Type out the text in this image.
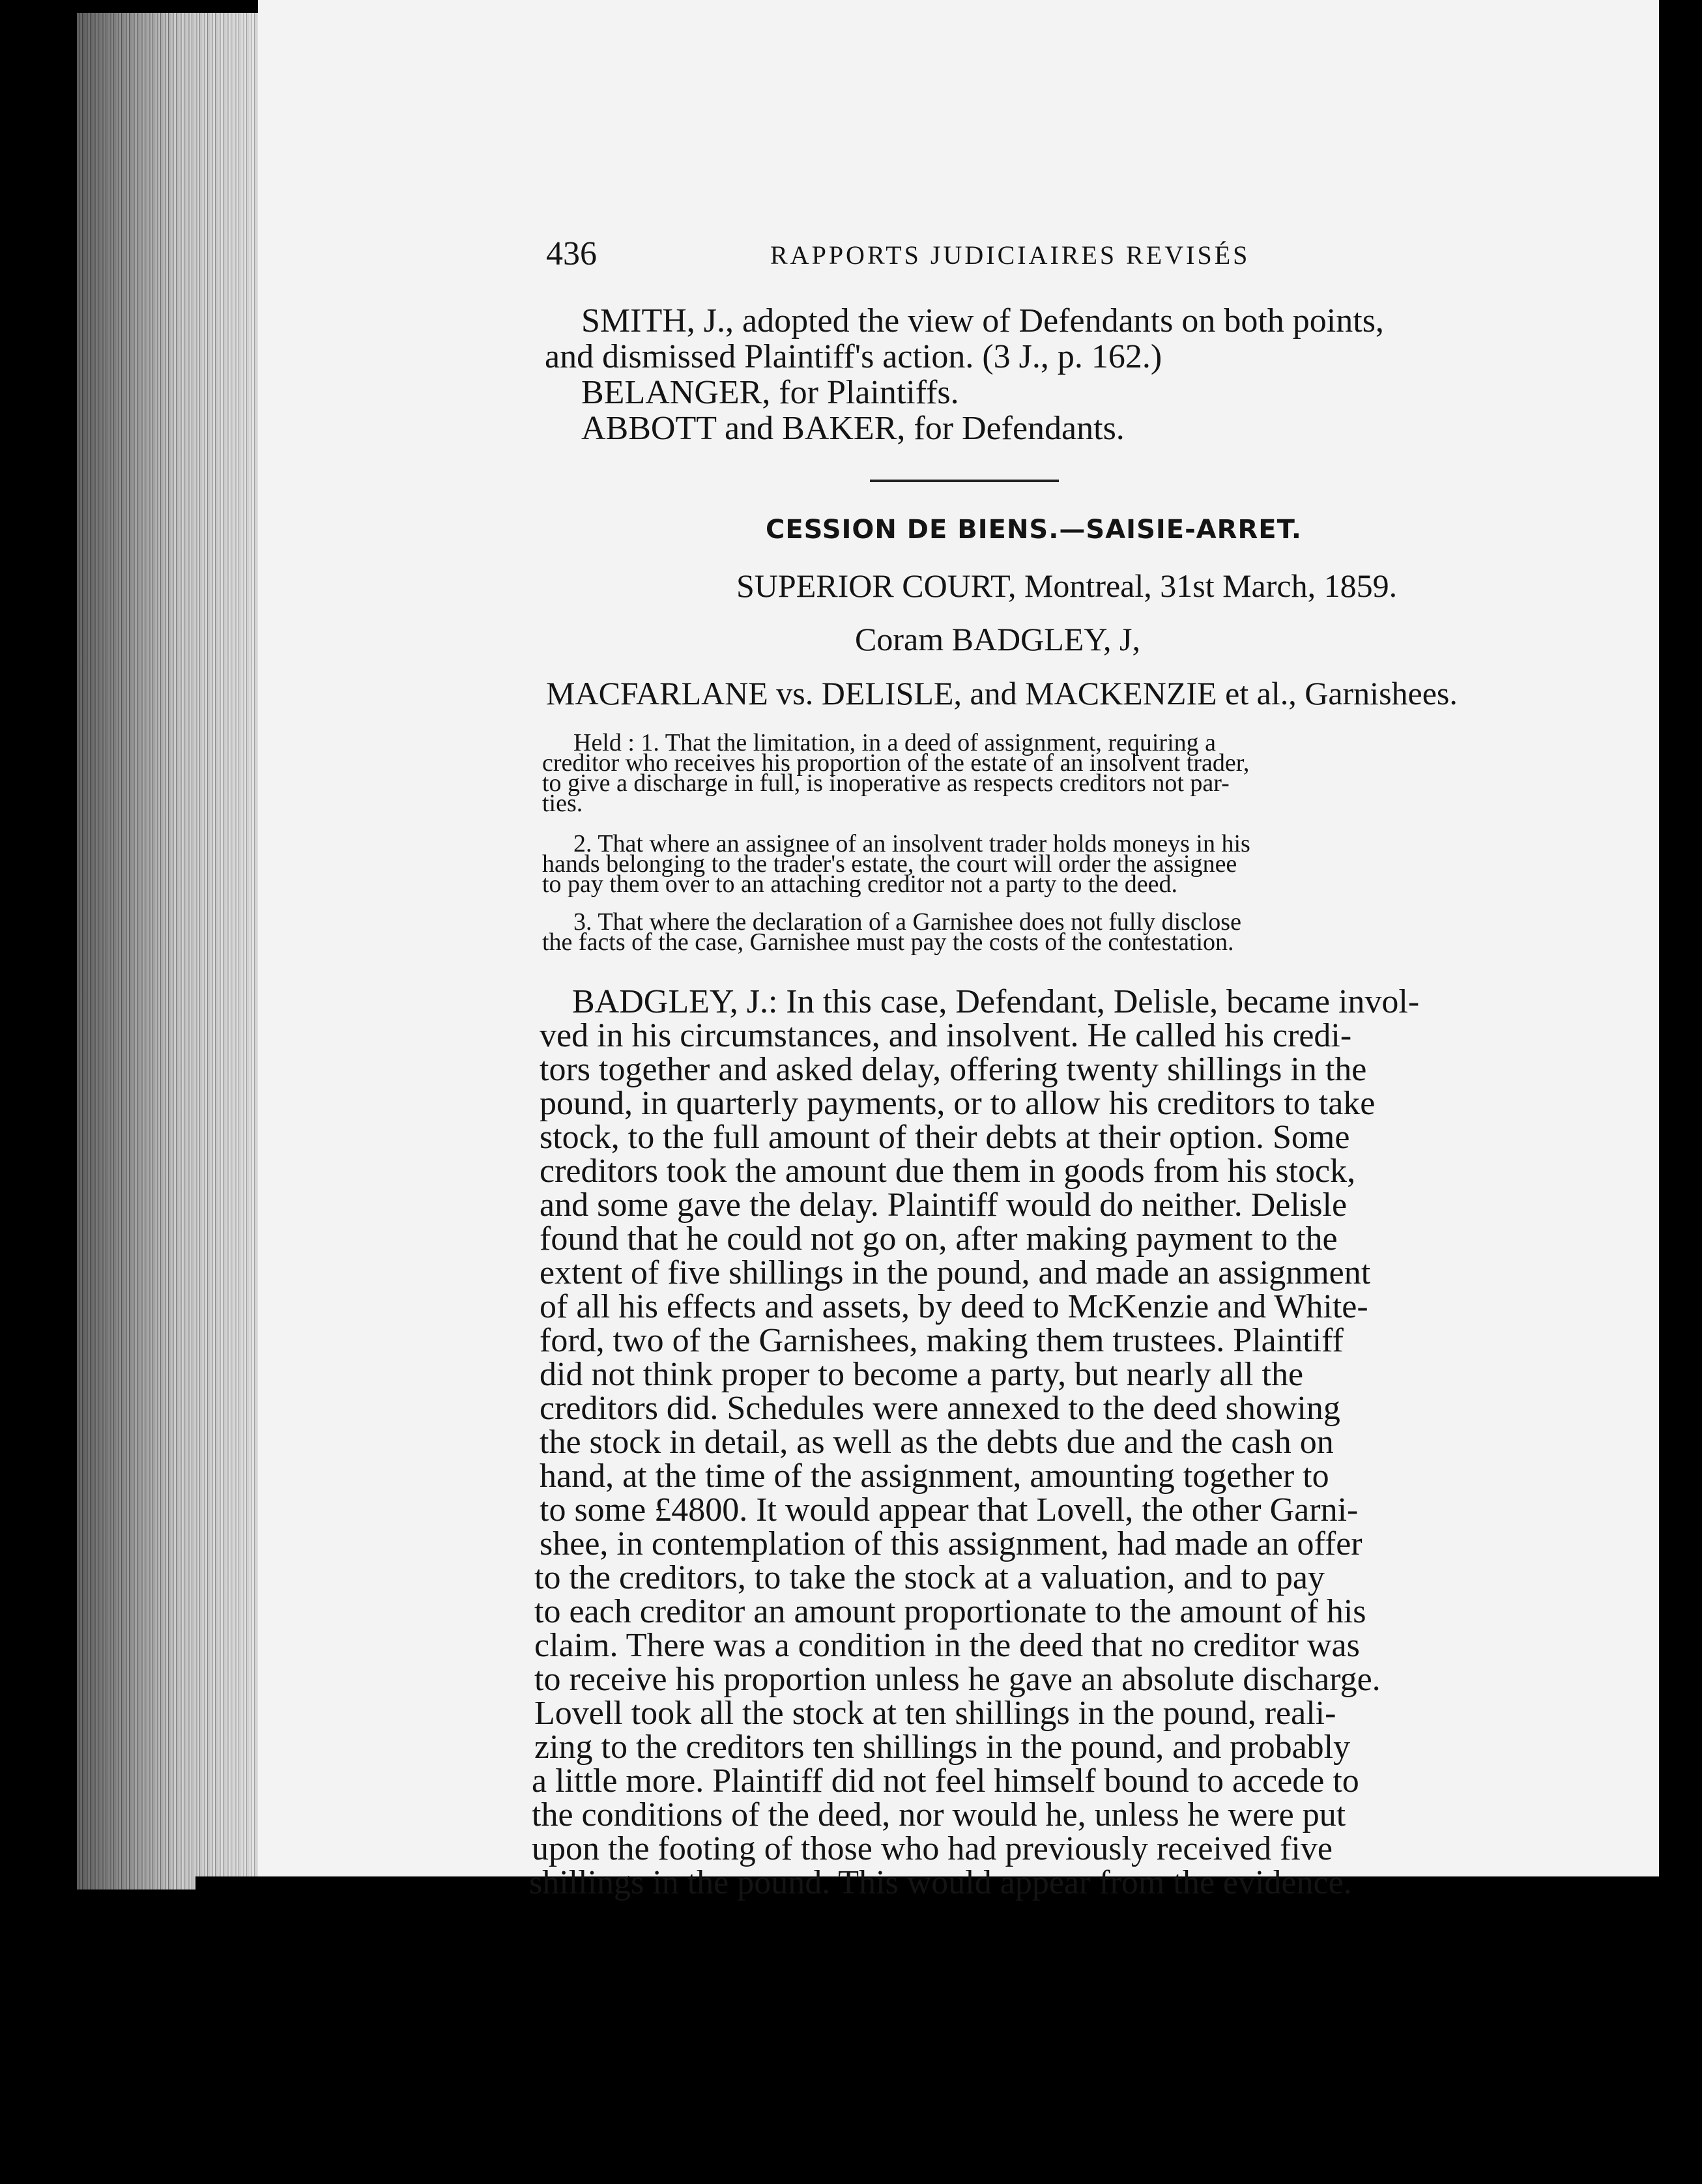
436	RAPPORTS JUDICIAIRES REVISÉS
SMITH, J., adopted the view of Defendants on both points,
and dismissed Plaintiff's action. (3 J., p. 162.)
BELANGER, for Plaintiffs.
ABBOTT and BAKER, for Defendants.
CESSION DE BIENS.—SAISIE-ARRET.
SUPERIOR COURT, Montreal, 31st March, 1859.
Coram BADGLEY, J,
MACFARLANE vs. DELISLE, and MACKENZIE et al., Garnishees.
Held : 1. That the limitation, in a deed of assignment, requiring a
creditor who receives his proportion of the estate of an insolvent trader,
to give a discharge in full, is inoperative as respects creditors not par-
ties.
2. That where an assignee of an insolvent trader holds moneys in his
hands belonging to the trader's estate, the court will order the assignee
to pay them over to an attaching creditor not a party to the deed.
3. That where the declaration of a Garnishee does not fully disclose
the facts of the case, Garnishee must pay the costs of the contestation.
BADGLEY, J.: In this case, Defendant, Delisle, became invol-
ved in his circumstances, and insolvent. He called his credi-
tors together and asked delay, offering twenty shillings in the
pound, in quarterly payments, or to allow his creditors to take
stock, to the full amount of their debts at their option. Some
creditors took the amount due them in goods from his stock,
and some gave the delay. Plaintiff would do neither. Delisle
found that he could not go on, after making payment to the
extent of five shillings in the pound, and made an assignment
of all his effects and assets, by deed to McKenzie and White-
ford, two of the Garnishees, making them trustees. Plaintiff
did not think proper to become a party, but nearly all the
creditors did. Schedules were annexed to the deed showing
the stock in detail, as well as the debts due and the cash on
hand, at the time of the assignment, amounting together to
to some £4800. It would appear that Lovell, the other Garni-
shee, in contemplation of this assignment, had made an offer
to the creditors, to take the stock at a valuation, and to pay
to each creditor an amount proportionate to the amount of his
claim. There was a condition in the deed that no creditor was
to receive his proportion unless he gave an absolute discharge.
Lovell took all the stock at ten shillings in the pound, reali-
zing to the creditors ten shillings in the pound, and probably
a little more. Plaintiff did not feel himself bound to accede to
the conditions of the deed, nor would he, unless he were put
upon the footing of those who had previously received five
shillings in the pound. This would appear from the evidence.
